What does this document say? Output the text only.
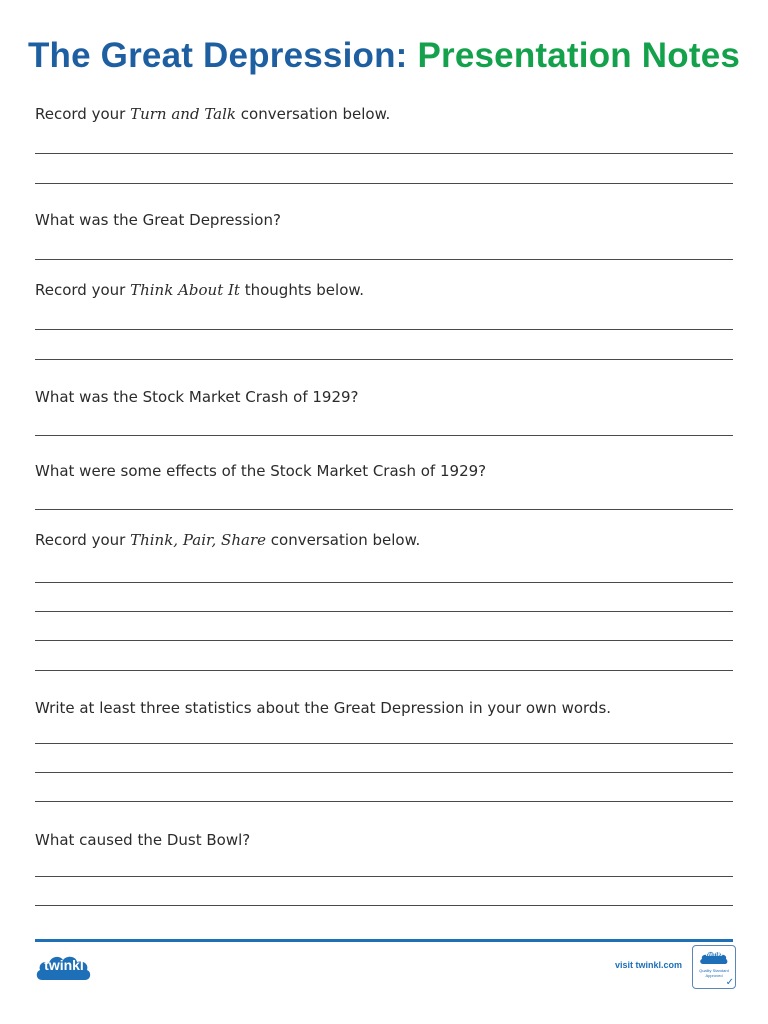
The Great Depression: Presentation Notes
Record your Turn and Talk conversation below.
What was the Great Depression?
Record your Think About It thoughts below.
What was the Stock Market Crash of 1929?
What were some effects of the Stock Market Crash of 1929?
Record your Think, Pair, Share conversation below.
Write at least three statistics about the Great Depression in your own words.
What caused the Dust Bowl?
twinkl	visit twinkl.com
twinkl
Quality Standard Approved
✓
